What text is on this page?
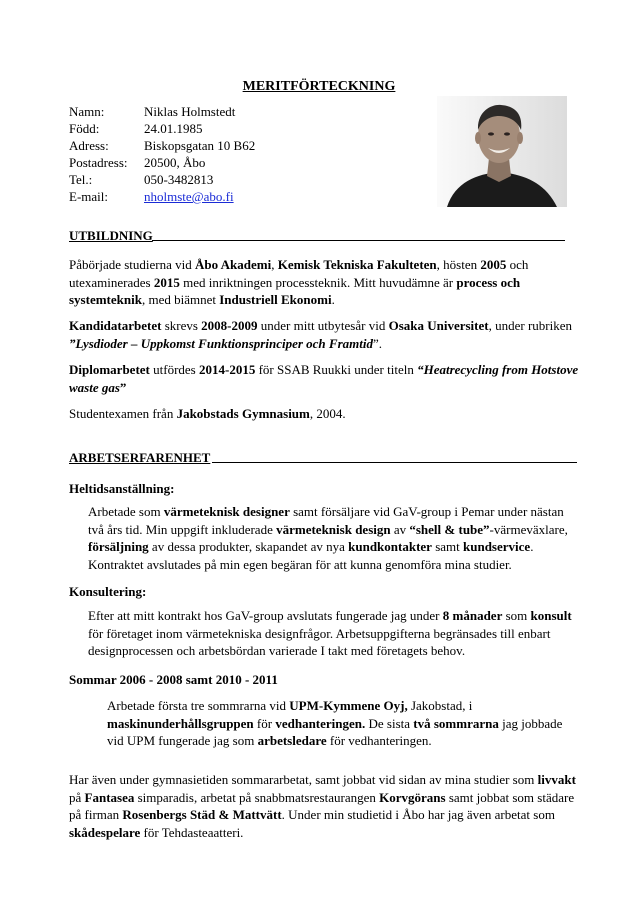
MERITFÖRTECKNING
Namn:	Niklas Holmstedt
Född:	24.01.1985
Adress:	Biskopsgatan 10 B62
Postadress: 20500, Åbo
Tel.:	050-3482813
E-mail:	nholmste@abo.fi
UTBILDNING
Påbörjade studierna vid Åbo Akademi, Kemisk Tekniska Fakulteten, hösten 2005 och utexaminerades 2015 med inriktningen processteknik. Mitt huvudämne är process och systemteknik, med biämnet Industriell Ekonomi.
Kandidatarbetet skrevs 2008-2009 under mitt utbytesår vid Osaka Universitet, under rubriken ”Lysdioder – Uppkomst Funktionsprinciper och Framtid”.
Diplomarbetet utfördes 2014-2015 för SSAB Ruukki under titeln “Heatrecycling from Hotstove waste gas”
Studentexamen från Jakobstads Gymnasium, 2004.
ARBETSERFARENHET
Heltidsanställning:
Arbetade som värmeteknisk designer samt försäljare vid GaV-group i Pemar under nästan två års tid. Min uppgift inkluderade värmeteknisk design av “shell & tube”-värmeväxlare, försäljning av dessa produkter, skapandet av nya kundkontakter samt kundservice. Kontraktet avslutades på min egen begäran för att kunna genomföra mina studier.
Konsultering:
Efter att mitt kontrakt hos GaV-group avslutats fungerade jag under 8 månader som konsult för företaget inom värmetekniska designfrågor. Arbetsuppgifterna begränsades till enbart designprocessen och arbetsbördan varierade I takt med företagets behov.
Sommar 2006 - 2008 samt 2010 - 2011
Arbetade första tre sommrarna vid UPM-Kymmene Oyj, Jakobstad, i maskinunderhållsgruppen för vedhanteringen. De sista två sommrarna jag jobbade vid UPM fungerade jag som arbetsledare för vedhanteringen.
Har även under gymnasietiden sommararbetat, samt jobbat vid sidan av mina studier som livvakt på Fantasea simparadis, arbetat på snabbmatsrestaurangen Korvgörans samt jobbat som städare på firman Rosenbergs Städ & Mattvätt. Under min studietid i Åbo har jag även arbetat som skådespelare för Tehdasteaatteri.
